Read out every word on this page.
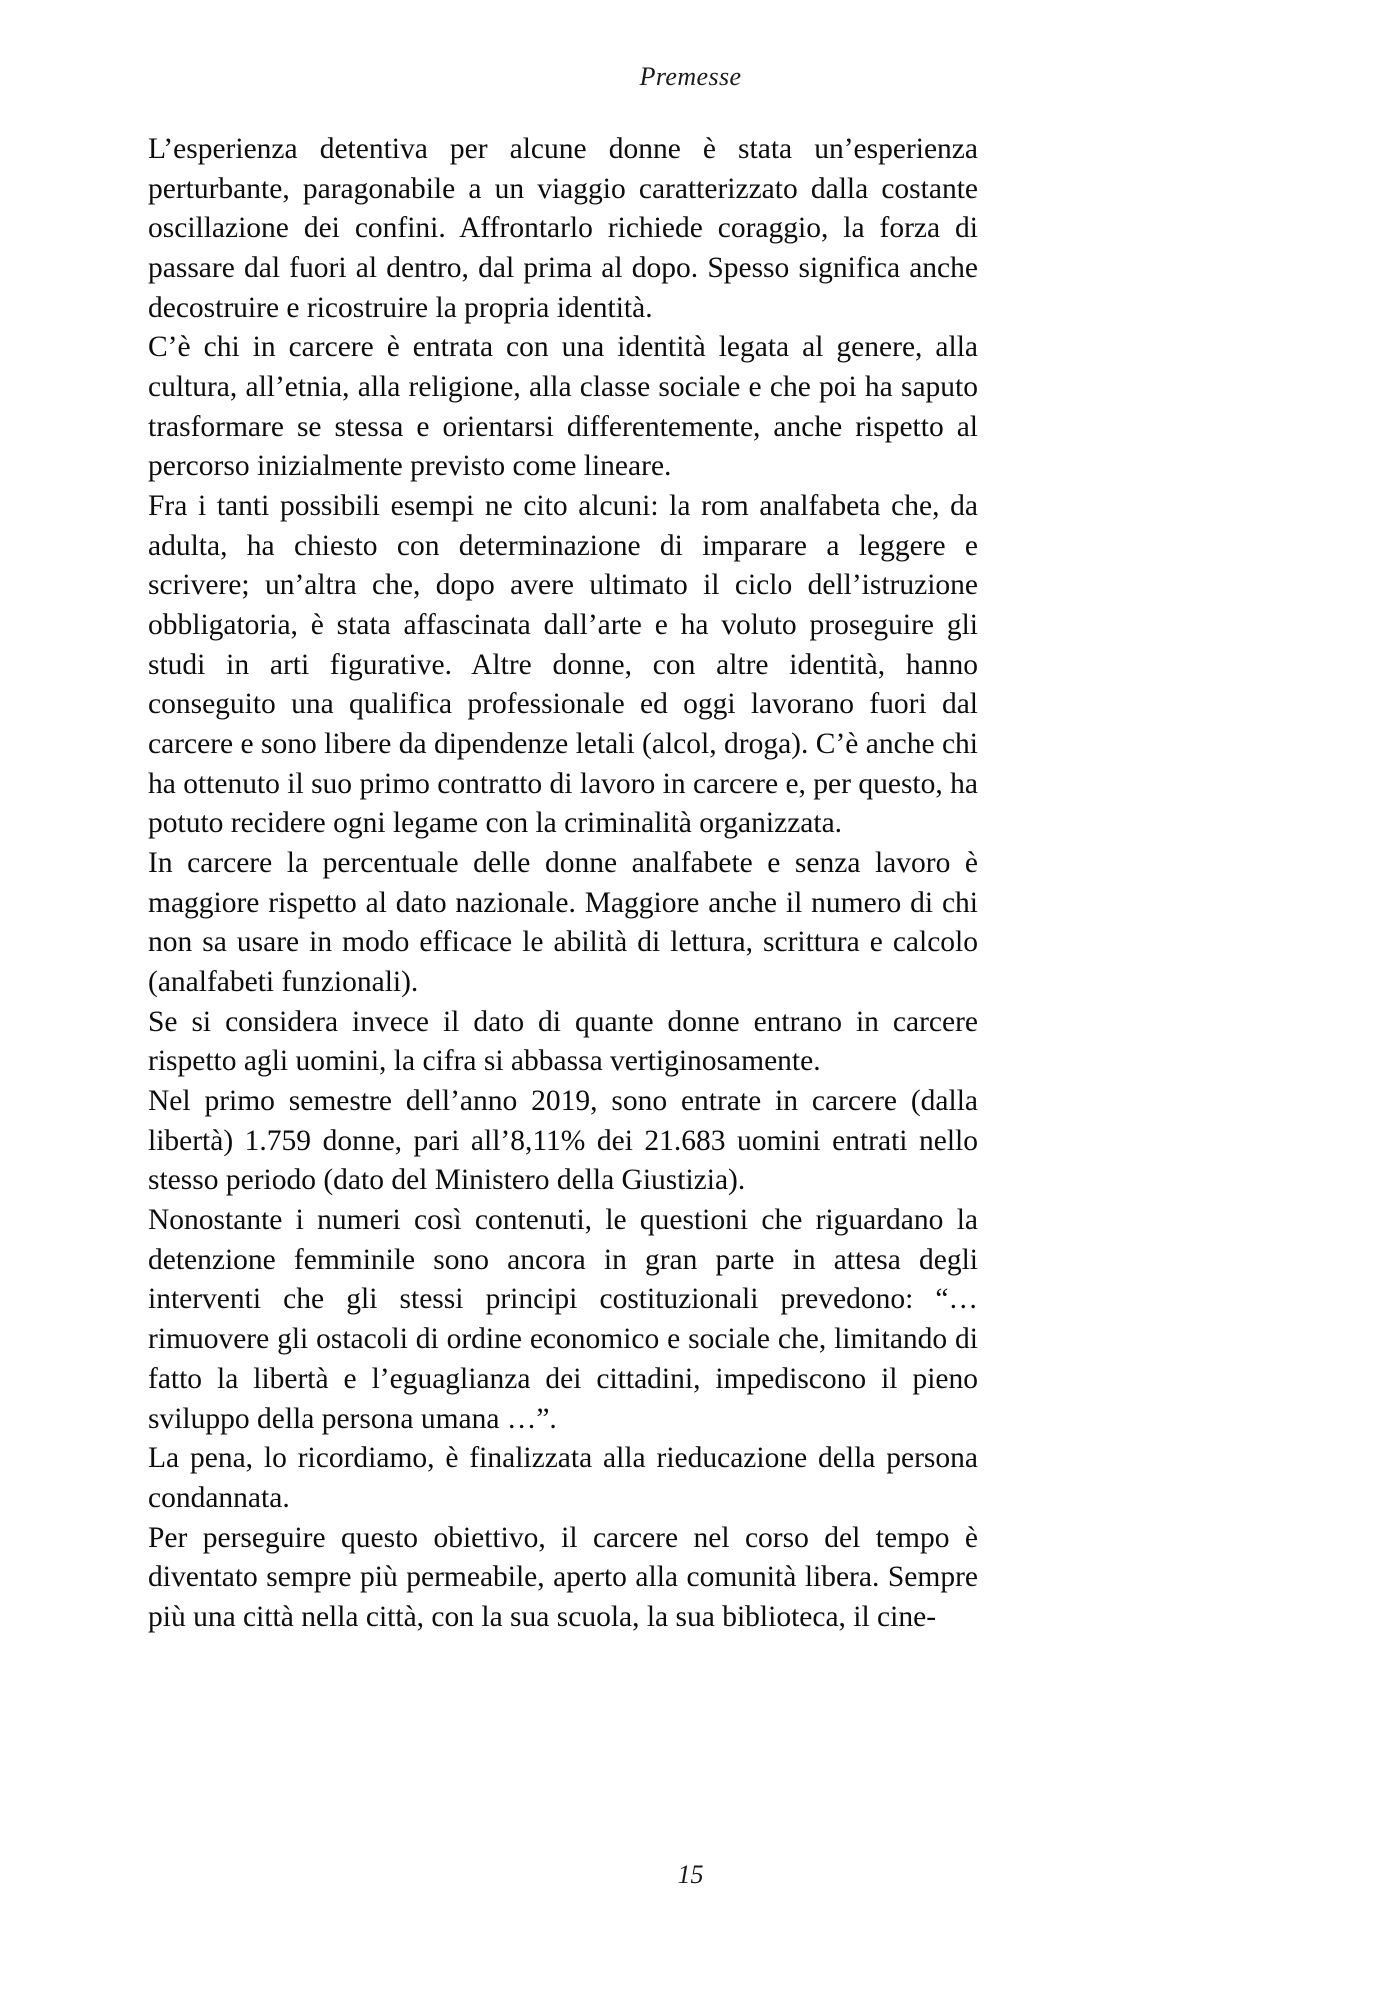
Premesse

L’esperienza detentiva per alcune donne è stata un’esperienza perturbante, paragonabile a un viaggio caratterizzato dalla costante oscillazione dei confini. Affrontarlo richiede coraggio, la forza di passare dal fuori al dentro, dal prima al dopo. Spesso significa anche decostruire e ricostruire la propria identità.

C’è chi in carcere è entrata con una identità legata al genere, alla cultura, all’etnia, alla religione, alla classe sociale e che poi ha saputo trasformare se stessa e orientarsi differentemente, anche rispetto al percorso inizialmente previsto come lineare.

Fra i tanti possibili esempi ne cito alcuni: la rom analfabeta che, da adulta, ha chiesto con determinazione di imparare a leggere e scrivere; un’altra che, dopo avere ultimato il ciclo dell’istruzione obbligatoria, è stata affascinata dall’arte e ha voluto proseguire gli studi in arti figurative. Altre donne, con altre identità, hanno conseguito una qualifica professionale ed oggi lavorano fuori dal carcere e sono libere da dipendenze letali (alcol, droga). C’è anche chi ha ottenuto il suo primo contratto di lavoro in carcere e, per questo, ha potuto recidere ogni legame con la criminalità organizzata.

In carcere la percentuale delle donne analfabete e senza lavoro è maggiore rispetto al dato nazionale. Maggiore anche il numero di chi non sa usare in modo efficace le abilità di lettura, scrittura e calcolo (analfabeti funzionali).

Se si considera invece il dato di quante donne entrano in carcere rispetto agli uomini, la cifra si abbassa vertiginosamente.

Nel primo semestre dell’anno 2019, sono entrate in carcere (dalla libertà) 1.759 donne, pari all’8,11% dei 21.683 uomini entrati nello stesso periodo (dato del Ministero della Giustizia).

Nonostante i numeri così contenuti, le questioni che riguardano la detenzione femminile sono ancora in gran parte in attesa degli interventi che gli stessi principi costituzionali prevedono: “… rimuovere gli ostacoli di ordine economico e sociale che, limitando di fatto la libertà e l’eguaglianza dei cittadini, impediscono il pieno sviluppo della persona umana …”.

La pena, lo ricordiamo, è finalizzata alla rieducazione della persona condannata.

Per perseguire questo obiettivo, il carcere nel corso del tempo è diventato sempre più permeabile, aperto alla comunità libera. Sempre più una città nella città, con la sua scuola, la sua biblioteca, il cine-

15
